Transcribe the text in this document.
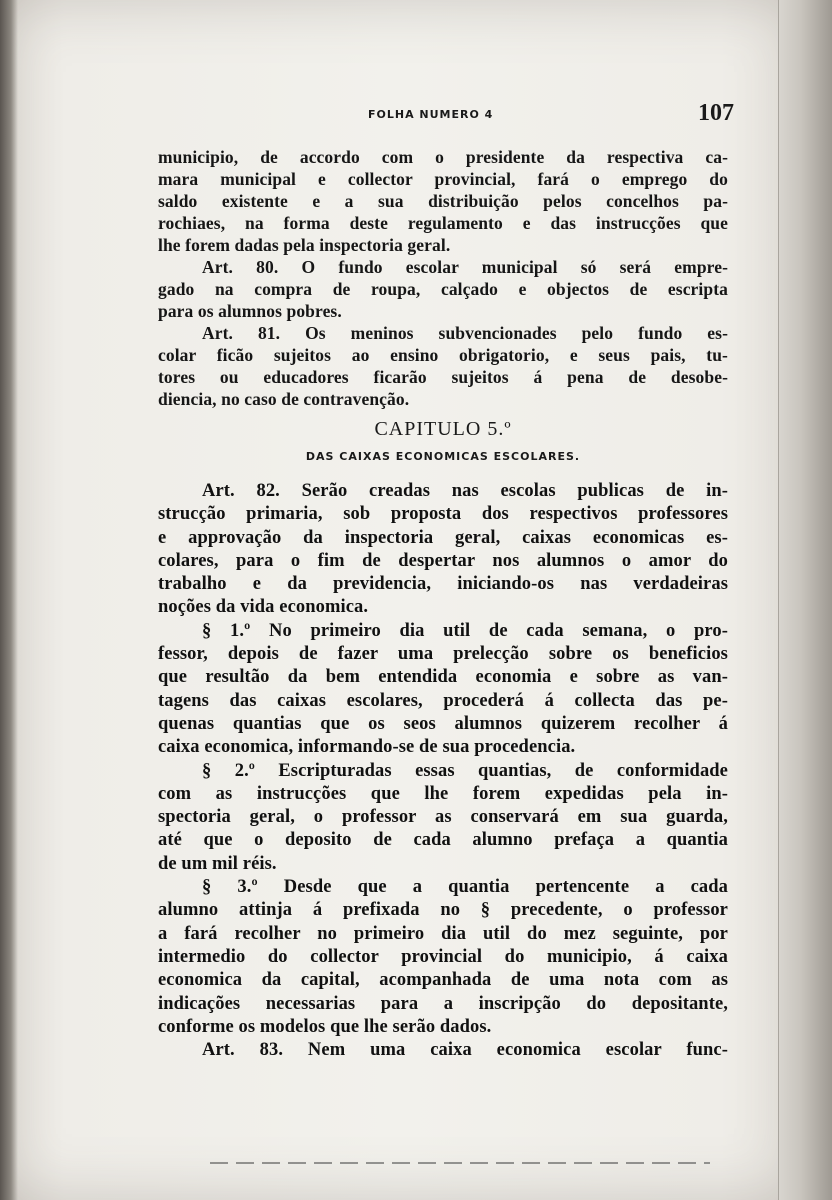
FOLHA NUMERO 4	107
municipio, de accordo com o presidente da respectiva ca-
mara municipal e collector provincial, fará o emprego do
saldo existente e a sua distribuição pelos concelhos pa-
rochiaes, na forma deste regulamento e das instrucções que
lhe forem dadas pela inspectoria geral.
Art. 80. O fundo escolar municipal só será empre-
gado na compra de roupa, calçado e objectos de escripta
para os alumnos pobres.
Art. 81. Os meninos subvencionades pelo fundo es-
colar ficão sujeitos ao ensino obrigatorio, e seus pais, tu-
tores ou educadores ficarão sujeitos á pena de desobe-
diencia, no caso de contravenção.
CAPITULO 5.º
DAS CAIXAS ECONOMICAS ESCOLARES.
Art. 82. Serão creadas nas escolas publicas de in-
strucção primaria, sob proposta dos respectivos professores
e approvação da inspectoria geral, caixas economicas es-
colares, para o fim de despertar nos alumnos o amor do
trabalho e da previdencia, iniciando-os nas verdadeiras
noções da vida economica.
§ 1.º No primeiro dia util de cada semana, o pro-
fessor, depois de fazer uma prelecção sobre os beneficios
que resultão da bem entendida economia e sobre as van-
tagens das caixas escolares, procederá á collecta das pe-
quenas quantias que os seos alumnos quizerem recolher á
caixa economica, informando-se de sua procedencia.
§ 2.º Escripturadas essas quantias, de conformidade
com as instrucções que lhe forem expedidas pela in-
spectoria geral, o professor as conservará em sua guarda,
até que o deposito de cada alumno prefaça a quantia
de um mil réis.
§ 3.º Desde que a quantia pertencente a cada
alumno attinja á prefixada no § precedente, o professor
a fará recolher no primeiro dia util do mez seguinte, por
intermedio do collector provincial do municipio, á caixa
economica da capital, acompanhada de uma nota com as
indicações necessarias para a inscripção do depositante,
conforme os modelos que lhe serão dados.
Art. 83. Nem uma caixa economica escolar func-
